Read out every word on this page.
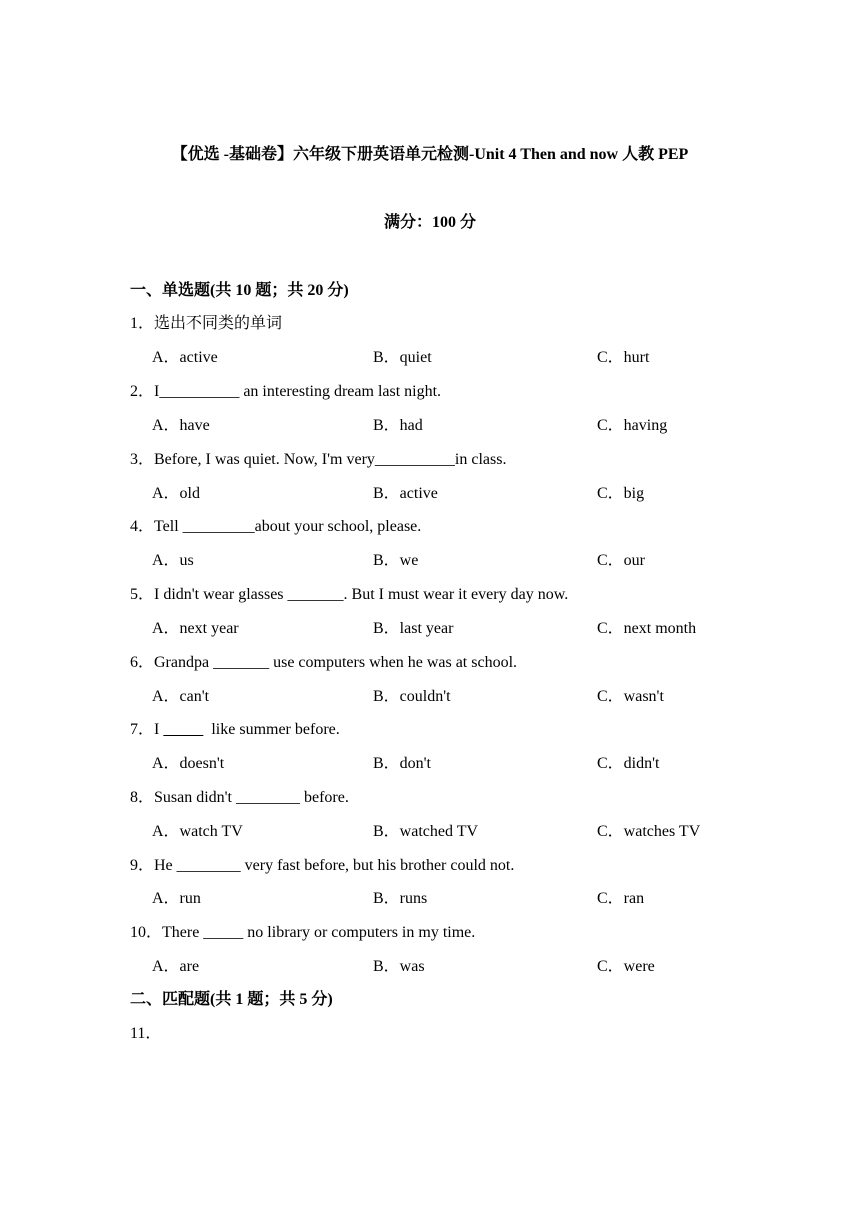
【优选 -基础卷】六年级下册英语单元检测-Unit 4 Then and now 人教 PEP
满分：100 分
一、单选题(共 10 题；共 20 分)
1．选出不同类的单词
A．active	B．quiet	C．hurt
2．I__________ an interesting dream last night.
A．have	B．had	C．having
3．Before, I was quiet. Now, I'm very__________in class.
A．old	B．active	C．big
4．Tell _________about your school, please.
A．us	B．we	C．our
5．I didn't wear glasses _______. But I must wear it every day now.
A．next year	B．last year	C．next month
6．Grandpa _______ use computers when he was at school.
A．can't	B．couldn't	C．wasn't
7．I	like summer before.
A．doesn't	B．don't	C．didn't
8．Susan didn't ________ before.
A．watch TV	B．watched TV	C．watches TV
9．He ________ very fast before, but his brother could not.
A．run	B．runs	C．ran
10．There _____ no library or computers in my time.
A．are	B．was	C．were
二、匹配题(共 1 题；共 5 分)
11．
